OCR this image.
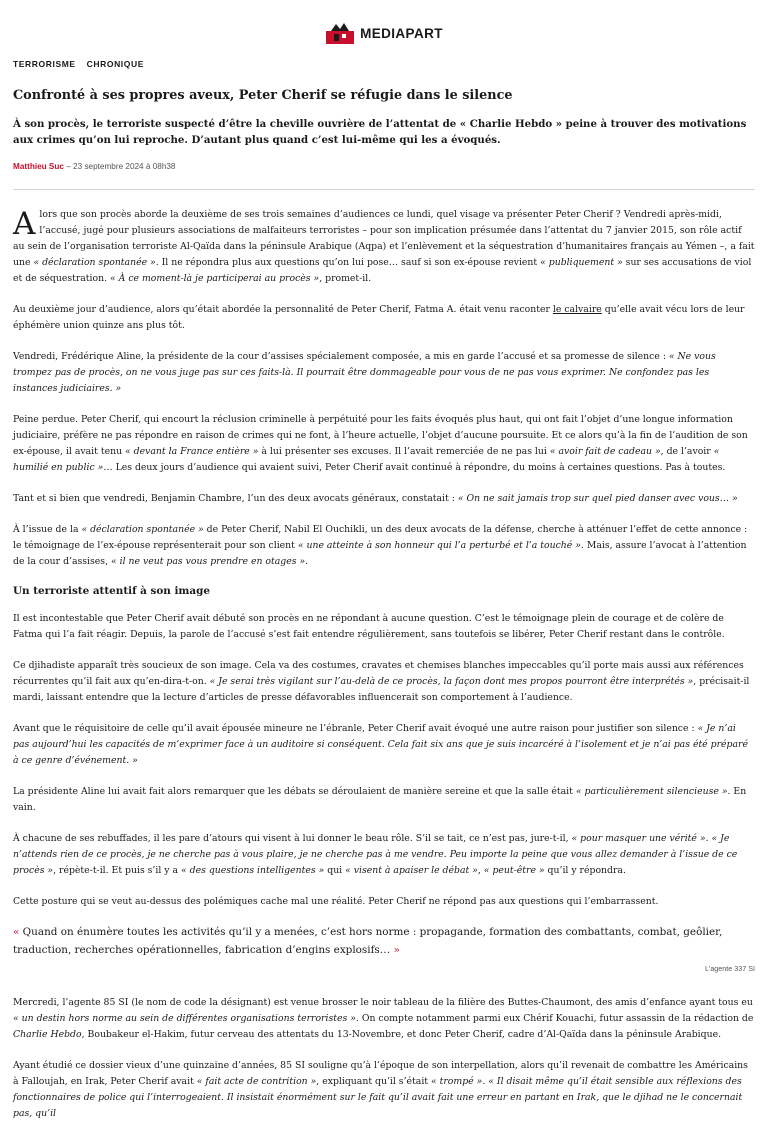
MEDIAPART
TERRORISME CHRONIQUE
Confronté à ses propres aveux, Peter Cherif se réfugie dans le silence

À son procès, le terroriste suspecté d’être la cheville ouvrière de l’attentat de « Charlie Hebdo » peine à trouver des motivations aux crimes qu’on lui reproche. D’autant plus quand c’est lui-même qui les a évoqués.

Matthieu Suc – 23 septembre 2024 à 08h38

Alors que son procès aborde la deuxième de ses trois semaines d’audiences ce lundi, quel visage va présenter Peter Cherif ? Vendredi après-midi, l’accusé, jugé pour plusieurs associations de malfaiteurs terroristes – pour son implication présumée dans l’attentat du 7 janvier 2015, son rôle actif au sein de l’organisation terroriste Al-Qaïda dans la péninsule Arabique (Aqpa) et l’enlèvement et la séquestration d’humanitaires français au Yémen –, a fait une « déclaration spontanée ». Il ne répondra plus aux questions qu’on lui pose… sauf si son ex-épouse revient « publiquement » sur ses accusations de viol et de séquestration. « À ce moment-là je participerai au procès », promet-il.

Au deuxième jour d’audience, alors qu’était abordée la personnalité de Peter Cherif, Fatma A. était venu raconter le calvaire qu’elle avait vécu lors de leur éphémère union quinze ans plus tôt.

Vendredi, Frédérique Aline, la présidente de la cour d’assises spécialement composée, a mis en garde l’accusé et sa promesse de silence : « Ne vous trompez pas de procès, on ne vous juge pas sur ces faits-là. Il pourrait être dommageable pour vous de ne pas vous exprimer. Ne confondez pas les instances judiciaires. »

Peine perdue. Peter Cherif, qui encourt la réclusion criminelle à perpétuité pour les faits évoqués plus haut, qui ont fait l’objet d’une longue information judiciaire, préfère ne pas répondre en raison de crimes qui ne font, à l’heure actuelle, l’objet d’aucune poursuite. Et ce alors qu’à la fin de l’audition de son ex-épouse, il avait tenu « devant la France entière » à lui présenter ses excuses. Il l’avait remerciée de ne pas lui « avoir fait de cadeau », de l’avoir « humilié en public »… Les deux jours d’audience qui avaient suivi, Peter Cherif avait continué à répondre, du moins à certaines questions. Pas à toutes.

Tant et si bien que vendredi, Benjamin Chambre, l’un des deux avocats généraux, constatait : « On ne sait jamais trop sur quel pied danser avec vous… »

À l’issue de la « déclaration spontanée » de Peter Cherif, Nabil El Ouchikli, un des deux avocats de la défense, cherche à atténuer l’effet de cette annonce : le témoignage de l’ex-épouse représenterait pour son client « une atteinte à son honneur qui l’a perturbé et l’a touché ». Mais, assure l’avocat à l’attention de la cour d’assises, « il ne veut pas vous prendre en otages ».

Un terroriste attentif à son image

Il est incontestable que Peter Cherif avait débuté son procès en ne répondant à aucune question. C’est le témoignage plein de courage et de colère de Fatma qui l’a fait réagir. Depuis, la parole de l’accusé s’est fait entendre régulièrement, sans toutefois se libérer, Peter Cherif restant dans le contrôle.

Ce djihadiste apparaît très soucieux de son image. Cela va des costumes, cravates et chemises blanches impeccables qu’il porte mais aussi aux références récurrentes qu’il fait aux qu’en-dira-t-on. « Je serai très vigilant sur l’au-delà de ce procès, la façon dont mes propos pourront être interprétés », précisait-il mardi, laissant entendre que la lecture d’articles de presse défavorables influencerait son comportement à l’audience.

Avant que le réquisitoire de celle qu’il avait épousée mineure ne l’ébranle, Peter Cherif avait évoqué une autre raison pour justifier son silence : « Je n’ai pas aujourd’hui les capacités de m’exprimer face à un auditoire si conséquent. Cela fait six ans que je suis incarcéré à l’isolement et je n’ai pas été préparé à ce genre d’événement. »

La présidente Aline lui avait fait alors remarquer que les débats se déroulaient de manière sereine et que la salle était « particulièrement silencieuse ». En vain.

À chacune de ses rebuffades, il les pare d’atours qui visent à lui donner le beau rôle. S’il se tait, ce n’est pas, jure-t-il, « pour masquer une vérité ». « Je n’attends rien de ce procès, je ne cherche pas à vous plaire, je ne cherche pas à me vendre. Peu importe la peine que vous allez demander à l’issue de ce procès », répète-t-il. Et puis s’il y a « des questions intelligentes » qui « visent à apaiser le débat », « peut-être » qu’il y répondra.

Cette posture qui se veut au-dessus des polémiques cache mal une réalité. Peter Cherif ne répond pas aux questions qui l’embarrassent.

« Quand on énumère toutes les activités qu’il y a menées, c’est hors norme : propagande, formation des combattants, combat, geôlier, traduction, recherches opérationnelles, fabrication d’engins explosifs… »
L’agente 337 SI

Mercredi, l’agente 85 SI (le nom de code la désignant) est venue brosser le noir tableau de la filière des Buttes-Chaumont, des amis d’enfance ayant tous eu « un destin hors norme au sein de différentes organisations terroristes ». On compte notamment parmi eux Chérif Kouachi, futur assassin de la rédaction de Charlie Hebdo, Boubakeur el-Hakim, futur cerveau des attentats du 13-Novembre, et donc Peter Cherif, cadre d’Al-Qaïda dans la péninsule Arabique.

Ayant étudié ce dossier vieux d’une quinzaine d’années, 85 SI souligne qu’à l’époque de son interpellation, alors qu’il revenait de combattre les Américains à Falloujah, en Irak, Peter Cherif avait « fait acte de contrition », expliquant qu’il s’était « trompé ». « Il disait même qu’il était sensible aux réflexions des fonctionnaires de police qui l’interrogeaient. Il insistait énormément sur le fait qu’il avait fait une erreur en partant en Irak, que le djihad ne le concernait pas, qu’il
